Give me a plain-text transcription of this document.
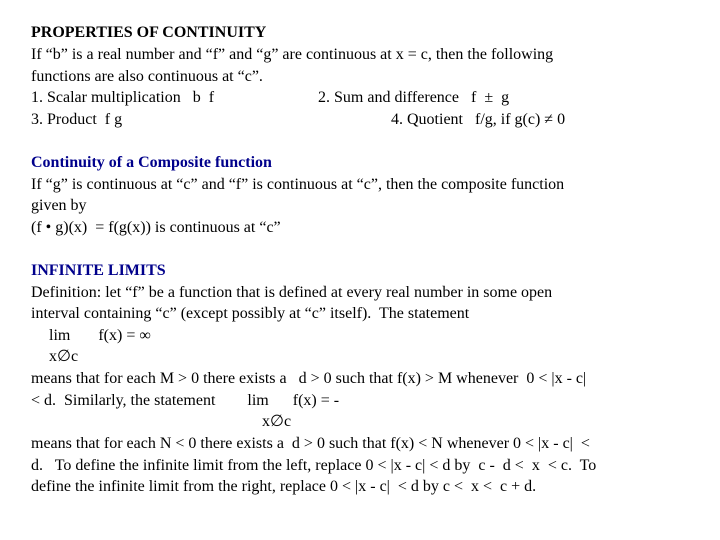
PROPERTIES OF CONTINUITY
If “b” is a real number and “f” and “g” are continuous at x = c, then the following
functions are also continuous at “c”.

1. Scalar multiplication   b  f

	2. Sum and difference   f  ±  g

3. Product  f g

	4. Quotient   f/g, if g(c) ≠ 0

Continuity of a Composite function
If “g” is continuous at “c” and “f” is continuous at “c”, then the composite function
given by
(f • g)(x)  = f(g(x)) is continuous at “c”
INFINITE LIMITS
Definition: let “f” be a function that is defined at every real number in some open
interval containing “c” (except possibly at “c” itself).  The statement
lim       f(x) = ∞
x∅c
means that for each M > 0 there exists a   d > 0 such that f(x) > M whenever  0 < |x - c|
< d.  Similarly, the statement        lim      f(x) = -
x∅c
means that for each N < 0 there exists a  d > 0 such that f(x) < N whenever 0 < |x - c|  <
d.   To define the infinite limit from the left, replace 0 < |x - c| < d by  c -  d <  x  < c.  To
define the infinite limit from the right, replace 0 < |x - c|  < d by c <  x <  c + d.
